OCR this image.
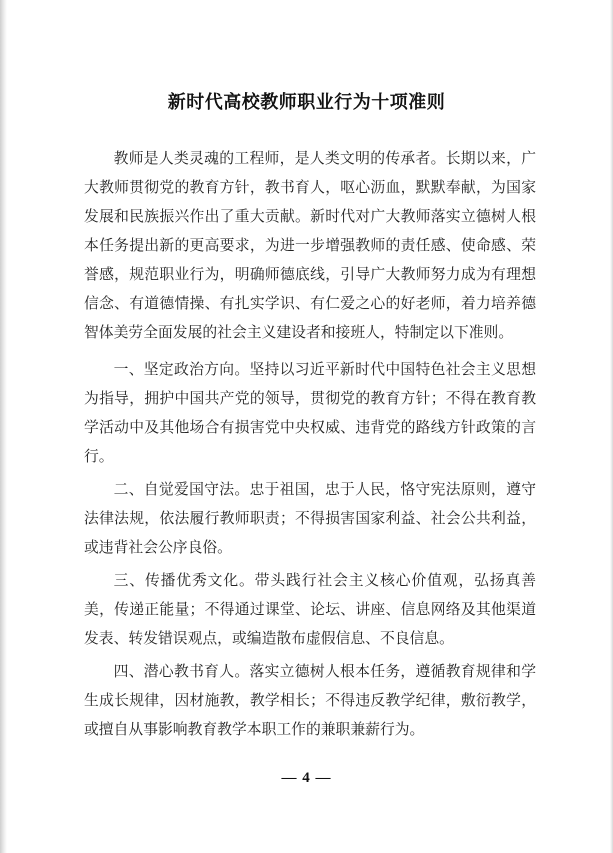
新时代高校教师职业行为十项准则

教师是人类灵魂的工程师，是人类文明的传承者。长期以来，广大教师贯彻党的教育方针，教书育人，呕心沥血，默默奉献，为国家发展和民族振兴作出了重大贡献。新时代对广大教师落实立德树人根本任务提出新的更高要求，为进一步增强教师的责任感、使命感、荣誉感，规范职业行为，明确师德底线，引导广大教师努力成为有理想信念、有道德情操、有扎实学识、有仁爱之心的好老师，着力培养德智体美劳全面发展的社会主义建设者和接班人，特制定以下准则。

一、坚定政治方向。坚持以习近平新时代中国特色社会主义思想为指导，拥护中国共产党的领导，贯彻党的教育方针；不得在教育教学活动中及其他场合有损害党中央权威、违背党的路线方针政策的言行。

二、自觉爱国守法。忠于祖国，忠于人民，恪守宪法原则，遵守法律法规，依法履行教师职责；不得损害国家利益、社会公共利益，或违背社会公序良俗。

三、传播优秀文化。带头践行社会主义核心价值观，弘扬真善美，传递正能量；不得通过课堂、论坛、讲座、信息网络及其他渠道发表、转发错误观点，或编造散布虚假信息、不良信息。

四、潜心教书育人。落实立德树人根本任务，遵循教育规律和学生成长规律，因材施教，教学相长；不得违反教学纪律，敷衍教学，或擅自从事影响教育教学本职工作的兼职兼薪行为。

— 4 —
